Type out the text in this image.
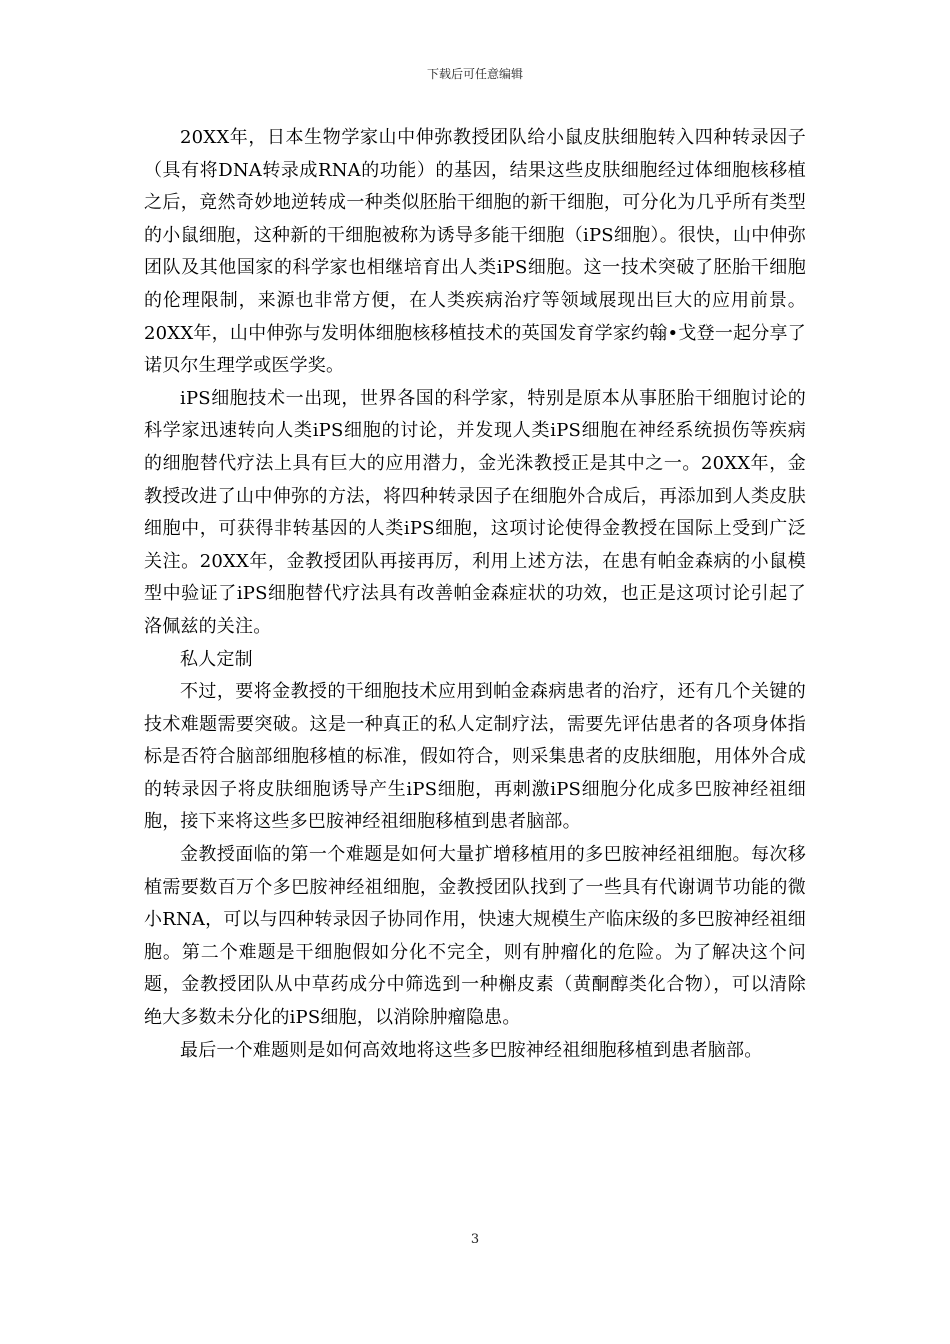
下载后可任意编辑

20XX年，日本生物学家山中伸弥教授团队给小鼠皮肤细胞转入四种转录因子（具有将DNA转录成RNA的功能）的基因，结果这些皮肤细胞经过体细胞核移植之后，竟然奇妙地逆转成一种类似胚胎干细胞的新干细胞，可分化为几乎所有类型的小鼠细胞，这种新的干细胞被称为诱导多能干细胞（iPS细胞）。很快，山中伸弥团队及其他国家的科学家也相继培育出人类iPS细胞。这一技术突破了胚胎干细胞的伦理限制，来源也非常方便，在人类疾病治疗等领域展现出巨大的应用前景。20XX年，山中伸弥与发明体细胞核移植技术的英国发育学家约翰•戈登一起分享了诺贝尔生理学或医学奖。

iPS细胞技术一出现，世界各国的科学家，特别是原本从事胚胎干细胞讨论的科学家迅速转向人类iPS细胞的讨论，并发现人类iPS细胞在神经系统损伤等疾病的细胞替代疗法上具有巨大的应用潜力，金光洙教授正是其中之一。20XX年，金教授改进了山中伸弥的方法，将四种转录因子在细胞外合成后，再添加到人类皮肤细胞中，可获得非转基因的人类iPS细胞，这项讨论使得金教授在国际上受到广泛关注。20XX年，金教授团队再接再厉，利用上述方法，在患有帕金森病的小鼠模型中验证了iPS细胞替代疗法具有改善帕金森症状的功效，也正是这项讨论引起了洛佩兹的关注。

私人定制

不过，要将金教授的干细胞技术应用到帕金森病患者的治疗，还有几个关键的技术难题需要突破。这是一种真正的私人定制疗法，需要先评估患者的各项身体指标是否符合脑部细胞移植的标准，假如符合，则采集患者的皮肤细胞，用体外合成的转录因子将皮肤细胞诱导产生iPS细胞，再刺激iPS细胞分化成多巴胺神经祖细胞，接下来将这些多巴胺神经祖细胞移植到患者脑部。

金教授面临的第一个难题是如何大量扩增移植用的多巴胺神经祖细胞。每次移植需要数百万个多巴胺神经祖细胞，金教授团队找到了一些具有代谢调节功能的微小RNA，可以与四种转录因子协同作用，快速大规模生产临床级的多巴胺神经祖细胞。第二个难题是干细胞假如分化不完全，则有肿瘤化的危险。为了解决这个问题，金教授团队从中草药成分中筛选到一种槲皮素（黄酮醇类化合物），可以清除绝大多数未分化的iPS细胞，以消除肿瘤隐患。

最后一个难题则是如何高效地将这些多巴胺神经祖细胞移植到患者脑部。

3
